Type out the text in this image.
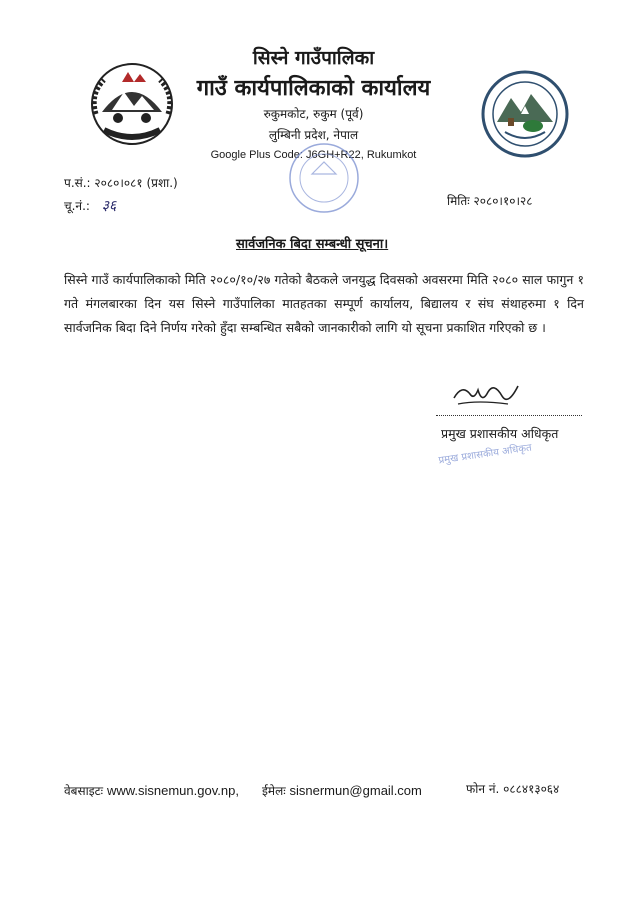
सिस्ने गाउँपालिका
गाउँ कार्यपालिकाको कार्यालय
रुकुमकोट, रुकुम (पूर्व)
लुम्बिनी प्रदेश, नेपाल
Google Plus Code: J6GH+R22, Rukumkot
प.सं.: २०८०।०८१ (प्रशा.)
चू.नं.: ३६	मितिः २०८०।१०।२८
सार्वजनिक बिदा सम्बन्धी सूचना।
सिस्ने गाउँ कार्यपालिकाको मिति २०८०/१०/२७ गतेको बैठकले जनयुद्ध दिवसको अवसरमा मिति २०८० साल फागुन १ गते मंगलबारका दिन यस सिस्ने गाउँपालिका मातहतका सम्पूर्ण कार्यालय, बिद्यालय र संघ संथाहरुमा १ दिन सार्वजनिक बिदा दिने निर्णय गरेको हुँदा सम्बन्धित सबैको जानकारीको लागि यो सूचना प्रकाशित गरिएको छ ।
प्रमुख प्रशासकीय अधिकृत
प्रमुख प्रशासकीय अधिकृत
वेबसाइटः www.sisnemun.gov.np, ईमेलः sisnermun@gmail.com	फोन नं. ०८८४१३०६४
